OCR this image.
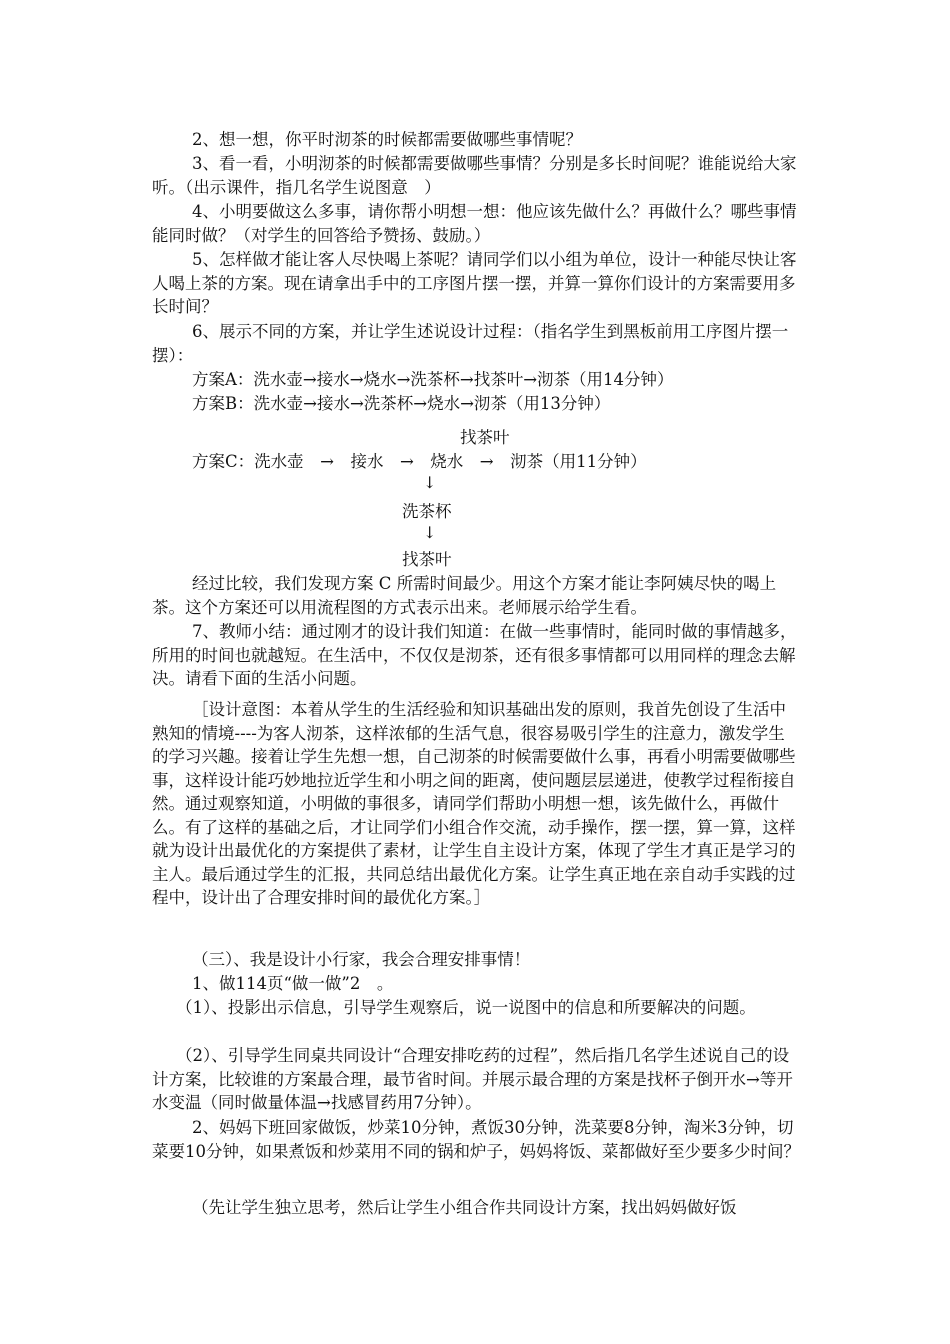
2、想一想，你平时沏茶的时候都需要做哪些事情呢？
3、看一看，小明沏茶的时候都需要做哪些事情？分别是多长时间呢？谁能说给大家听。（出示课件，指几名学生说图意　）
4、小明要做这么多事，请你帮小明想一想：他应该先做什么？再做什么？哪些事情能同时做？（对学生的回答给予赞扬、鼓励。）
5、怎样做才能让客人尽快喝上茶呢？请同学们以小组为单位，设计一种能尽快让客人喝上茶的方案。现在请拿出手中的工序图片摆一摆，并算一算你们设计的方案需要用多长时间？
6、展示不同的方案，并让学生述说设计过程：（指名学生到黑板前用工序图片摆一摆）：
方案A：洗水壶→接水→烧水→洗茶杯→找茶叶→沏茶（用14分钟）
方案B：洗水壶→接水→洗茶杯→烧水→沏茶（用13分钟）
找茶叶
方案C：洗水壶　→　接水　→　烧水　→　沏茶（用11分钟）
↓
洗茶杯
↓
找茶叶
经过比较，我们发现方案 C 所需时间最少。用这个方案才能让李阿姨尽快的喝上茶。这个方案还可以用流程图的方式表示出来。老师展示给学生看。
7、教师小结：通过刚才的设计我们知道：在做一些事情时，能同时做的事情越多，所用的时间也就越短。在生活中，不仅仅是沏茶，还有很多事情都可以用同样的理念去解决。请看下面的生活小问题。
［设计意图：本着从学生的生活经验和知识基础出发的原则，我首先创设了生活中熟知的情境----为客人沏茶，这样浓郁的生活气息，很容易吸引学生的注意力，激发学生的学习兴趣。接着让学生先想一想，自己沏茶的时候需要做什么事，再看小明需要做哪些事，这样设计能巧妙地拉近学生和小明之间的距离，使问题层层递进，使教学过程衔接自然。通过观察知道，小明做的事很多，请同学们帮助小明想一想，该先做什么，再做什么。有了这样的基础之后，才让同学们小组合作交流，动手操作，摆一摆，算一算，这样就为设计出最优化的方案提供了素材，让学生自主设计方案，体现了学生才真正是学习的主人。最后通过学生的汇报，共同总结出最优化方案。让学生真正地在亲自动手实践的过程中，设计出了合理安排时间的最优化方案。］
（三）、我是设计小行家，我会合理安排事情！
1、做114页“做一做”2　。
（1）、投影出示信息，引导学生观察后，说一说图中的信息和所要解决的问题。
（2）、引导学生同桌共同设计“合理安排吃药的过程”，然后指几名学生述说自己的设计方案，比较谁的方案最合理，最节省时间。并展示最合理的方案是找杯子倒开水→等开水变温（同时做量体温→找感冒药用7分钟）。
2、妈妈下班回家做饭，炒菜10分钟，煮饭30分钟，洗菜要8分钟，淘米3分钟，切菜要10分钟，如果煮饭和炒菜用不同的锅和炉子，妈妈将饭、菜都做好至少要多少时间？
（先让学生独立思考，然后让学生小组合作共同设计方案，找出妈妈做好饭
